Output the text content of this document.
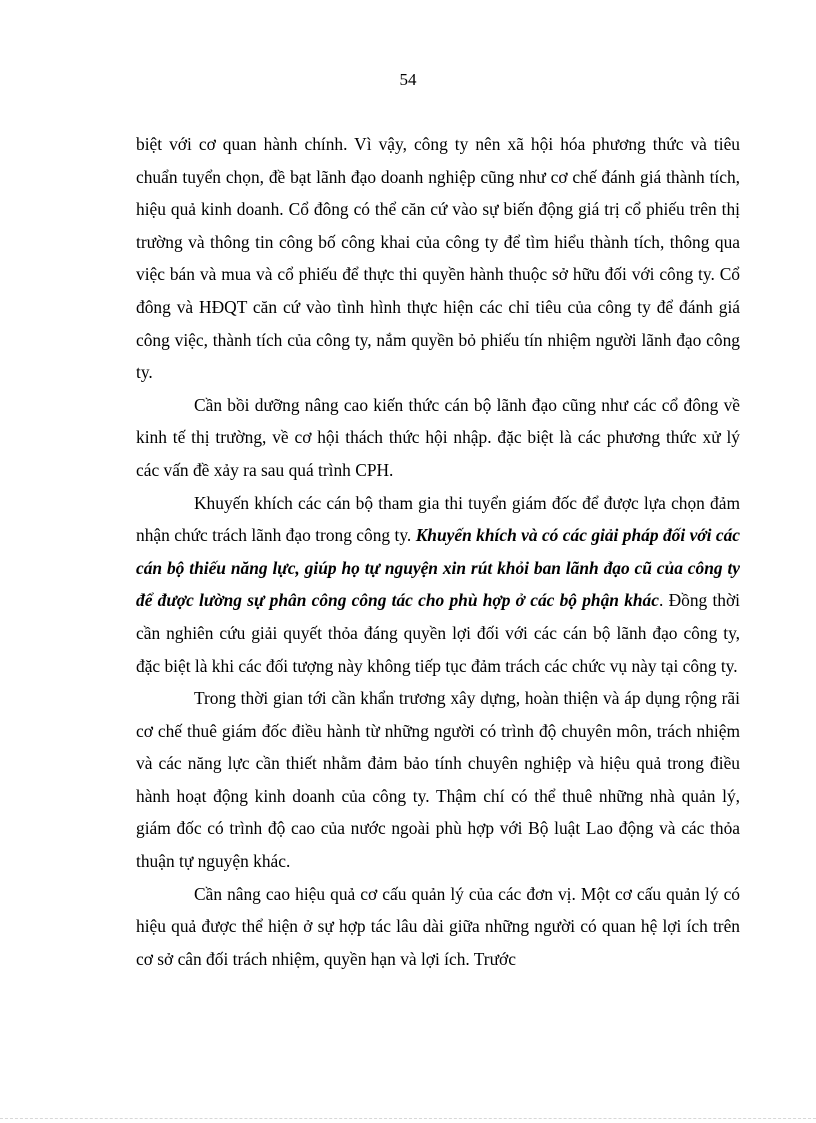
54

biệt với cơ quan hành chính. Vì vậy, công ty nên xã hội hóa phương thức và tiêu chuẩn tuyển chọn, đề bạt lãnh đạo doanh nghiệp cũng như cơ chế đánh giá thành tích, hiệu quả kinh doanh. Cổ đông có thể căn cứ vào sự biến động giá trị cổ phiếu trên thị trường và thông tin công bố công khai của công ty để tìm hiểu thành tích, thông qua việc bán và mua và cổ phiếu để thực thi quyền hành thuộc sở hữu đối với công ty. Cổ đông và HĐQT căn cứ vào tình hình thực hiện các chỉ tiêu của công ty để đánh giá công việc, thành tích của công ty, nắm quyền bỏ phiếu tín nhiệm người lãnh đạo công ty.

Cần bồi dưỡng nâng cao kiến thức cán bộ lãnh đạo cũng như các cổ đông về kinh tế thị trường, về cơ hội thách thức hội nhập. đặc biệt là các phương thức xử lý các vấn đề xảy ra sau quá trình CPH.

Khuyến khích các cán bộ tham gia thi tuyển giám đốc để được lựa chọn đảm nhận chức trách lãnh đạo trong công ty. Khuyến khích và có các giải pháp đối với các cán bộ thiếu năng lực, giúp họ tự nguyện xin rút khỏi ban lãnh đạo cũ của công ty để được lường sự phân công công tác cho phù hợp ở các bộ phận khác. Đồng thời cần nghiên cứu giải quyết thỏa đáng quyền lợi đối với các cán bộ lãnh đạo công ty, đặc biệt là khi các đối tượng này không tiếp tục đảm trách các chức vụ này tại công ty.

Trong thời gian tới cần khẩn trương xây dựng, hoàn thiện và áp dụng rộng rãi cơ chế thuê giám đốc điều hành từ những người có trình độ chuyên môn, trách nhiệm và các năng lực cần thiết nhằm đảm bảo tính chuyên nghiệp và hiệu quả trong điều hành hoạt động kinh doanh của công ty. Thậm chí có thể thuê những nhà quản lý, giám đốc có trình độ cao của nước ngoài phù hợp với Bộ luật Lao động và các thỏa thuận tự nguyện khác.

Cần nâng cao hiệu quả cơ cấu quản lý của các đơn vị. Một cơ cấu quản lý có hiệu quả được thể hiện ở sự hợp tác lâu dài giữa những người có quan hệ lợi ích trên cơ sở cân đối trách nhiệm, quyền hạn và lợi ích. Trước
